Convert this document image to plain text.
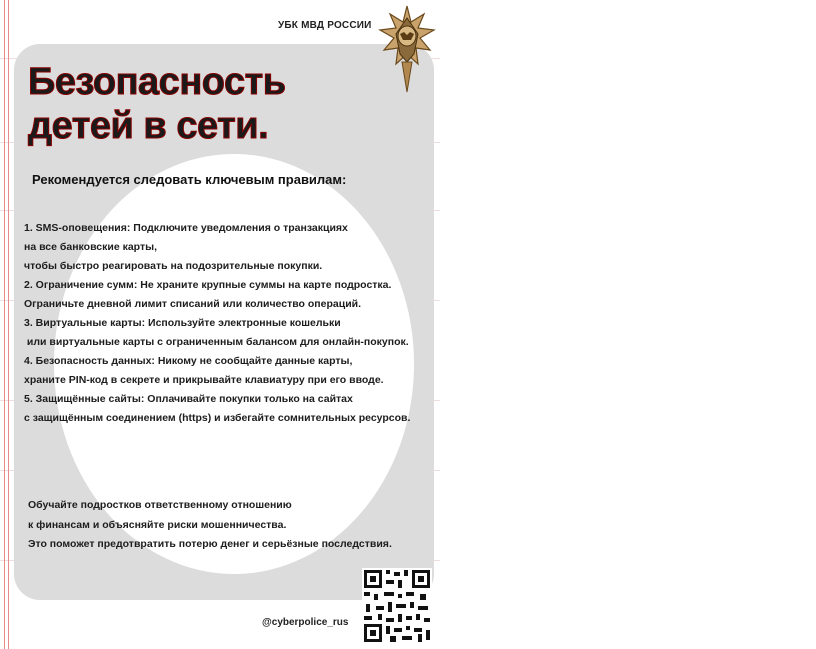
УБК МВД РОССИИ
Безопасность
детей в сети.
Рекомендуется следовать ключевым правилам:
1. SMS-оповещения: Подключите уведомления о транзакциях
на все банковские карты,
чтобы быстро реагировать на подозрительные покупки.
2. Ограничение сумм: Не храните крупные суммы на карте подростка.
Ограничьте дневной лимит списаний или количество операций.
3. Виртуальные карты: Используйте электронные кошельки
или виртуальные карты с ограниченным балансом для онлайн-покупок.
4. Безопасность данных: Никому не сообщайте данные карты,
храните PIN-код в секрете и прикрывайте клавиатуру при его вводе.
5. Защищённые сайты: Оплачивайте покупки только на сайтах
с защищённым соединением (https) и избегайте сомнительных ресурсов.
Обучайте подростков ответственному отношению
к финансам и объясняйте риски мошенничества.
Это поможет предотвратить потерю денег и серьёзные последствия.
@cyberpolice_rus
